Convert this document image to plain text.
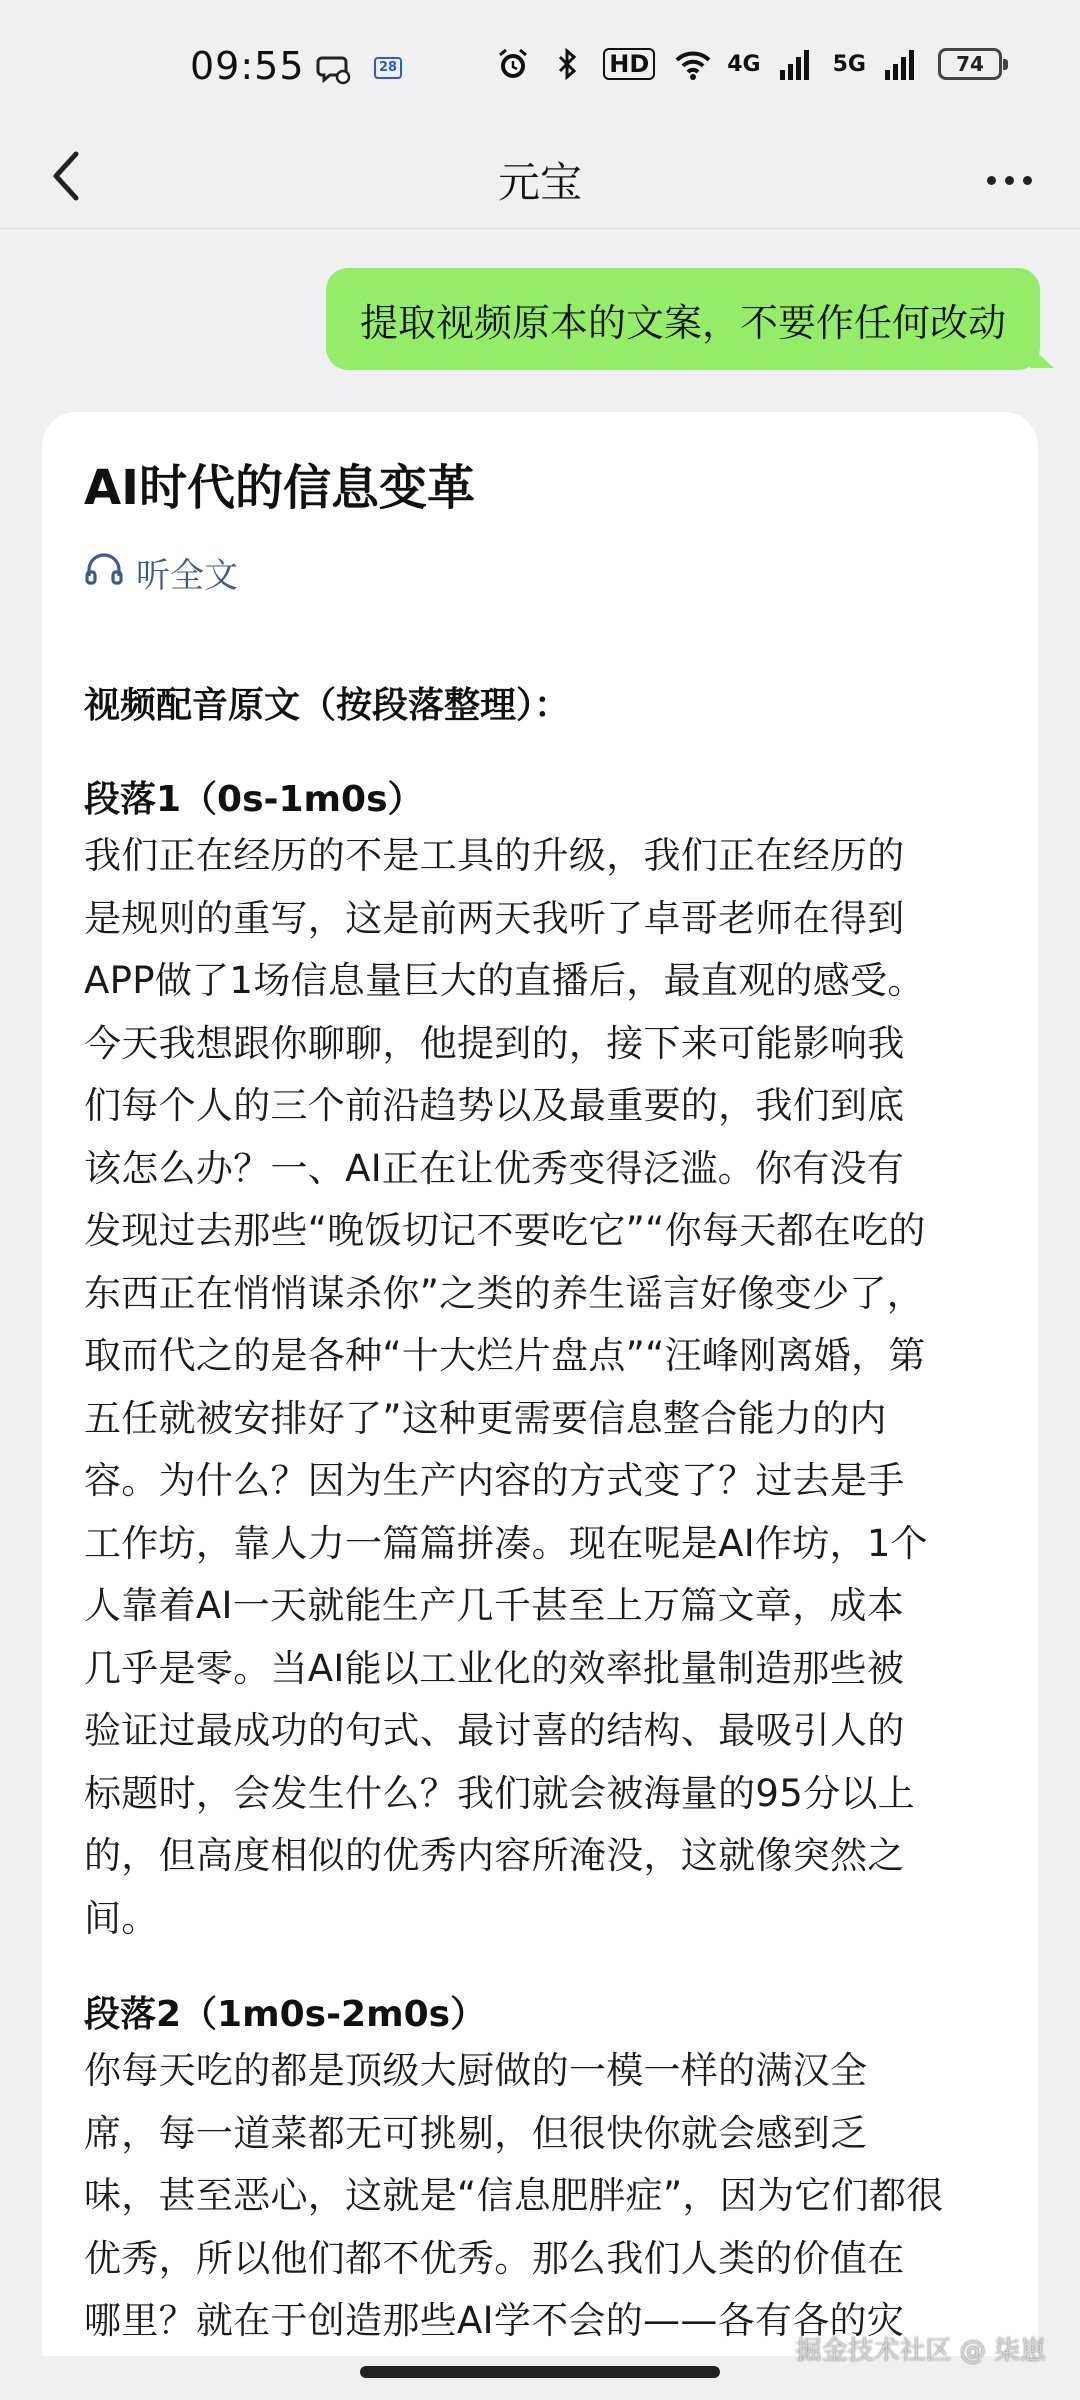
09:55	28	HD	4G	5G	74
元宝
提取视频原本的文案，不要作任何改动
AI时代的信息变革
听全文
视频配音原文（按段落整理）：
段落1（0s-1m0s）
我们正在经历的不是工具的升级，我们正在经历的
是规则的重写，这是前两天我听了卓哥老师在得到
APP做了1场信息量巨大的直播后，最直观的感受。
今天我想跟你聊聊，他提到的，接下来可能影响我
们每个人的三个前沿趋势以及最重要的，我们到底
该怎么办？一、AI正在让优秀变得泛滥。你有没有
发现过去那些“晚饭切记不要吃它”“你每天都在吃的
东西正在悄悄谋杀你”之类的养生谣言好像变少了，
取而代之的是各种“十大烂片盘点”“汪峰刚离婚，第
五任就被安排好了”这种更需要信息整合能力的内
容。为什么？因为生产内容的方式变了？过去是手
工作坊，靠人力一篇篇拼凑。现在呢是AI作坊，1个
人靠着AI一天就能生产几千甚至上万篇文章，成本
几乎是零。当AI能以工业化的效率批量制造那些被
验证过最成功的句式、最讨喜的结构、最吸引人的
标题时，会发生什么？我们就会被海量的95分以上
的，但高度相似的优秀内容所淹没，这就像突然之
间。
段落2（1m0s-2m0s）
你每天吃的都是顶级大厨做的一模一样的满汉全
席，每一道菜都无可挑剔，但很快你就会感到乏
味，甚至恶心，这就是“信息肥胖症”，因为它们都很
优秀，所以他们都不优秀。那么我们人类的价值在
哪里？就在于创造那些AI学不会的——各有各的灾
掘金技术社区 @ 柒崽
